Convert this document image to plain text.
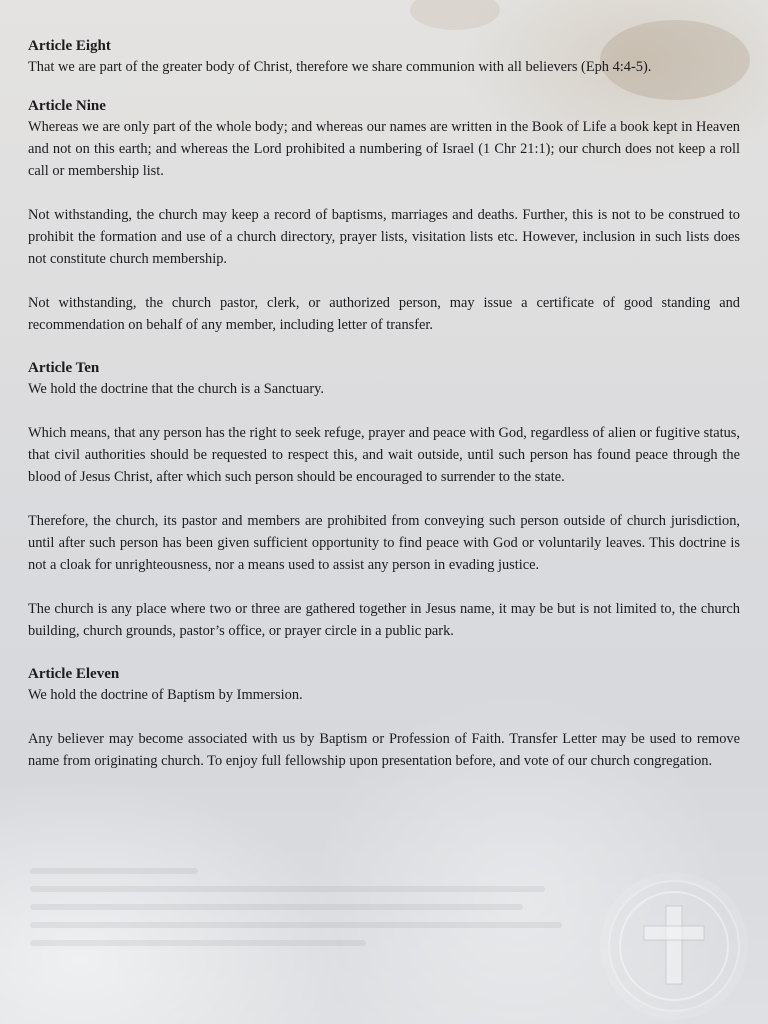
Article Eight

That we are part of the greater body of Christ, therefore we share communion with all believers (Eph 4:4-5).

Article Nine

Whereas we are only part of the whole body; and whereas our names are written in the Book of Life a book kept in Heaven and not on this earth; and whereas the Lord prohibited a numbering of Israel (1 Chr 21:1); our church does not keep a roll call or membership list.

Not withstanding, the church may keep a record of baptisms, marriages and deaths. Further, this is not to be construed to prohibit the formation and use of a church directory, prayer lists, visitation lists etc. However, inclusion in such lists does not constitute church membership.

Not withstanding, the church pastor, clerk, or authorized person, may issue a certificate of good standing and recommendation on behalf of any member, including letter of transfer.

Article Ten

We hold the doctrine that the church is a Sanctuary.

Which means, that any person has the right to seek refuge, prayer and peace with God, regardless of alien or fugitive status, that civil authorities should be requested to respect this, and wait outside, until such person has found peace through the blood of Jesus Christ, after which such person should be encouraged to surrender to the state.

Therefore, the church, its pastor and members are prohibited from conveying such person outside of church jurisdiction, until after such person has been given sufficient opportunity to find peace with God or voluntarily leaves. This doctrine is not a cloak for unrighteousness, nor a means used to assist any person in evading justice.

The church is any place where two or three are gathered together in Jesus name, it may be but is not limited to, the church building, church grounds, pastor’s office, or prayer circle in a public park.

Article Eleven

We hold the doctrine of Baptism by Immersion.

Any believer may become associated with us by Baptism or Profession of Faith. Transfer Letter may be used to remove name from originating church. To enjoy full fellowship upon presentation before, and vote of our church congregation.
